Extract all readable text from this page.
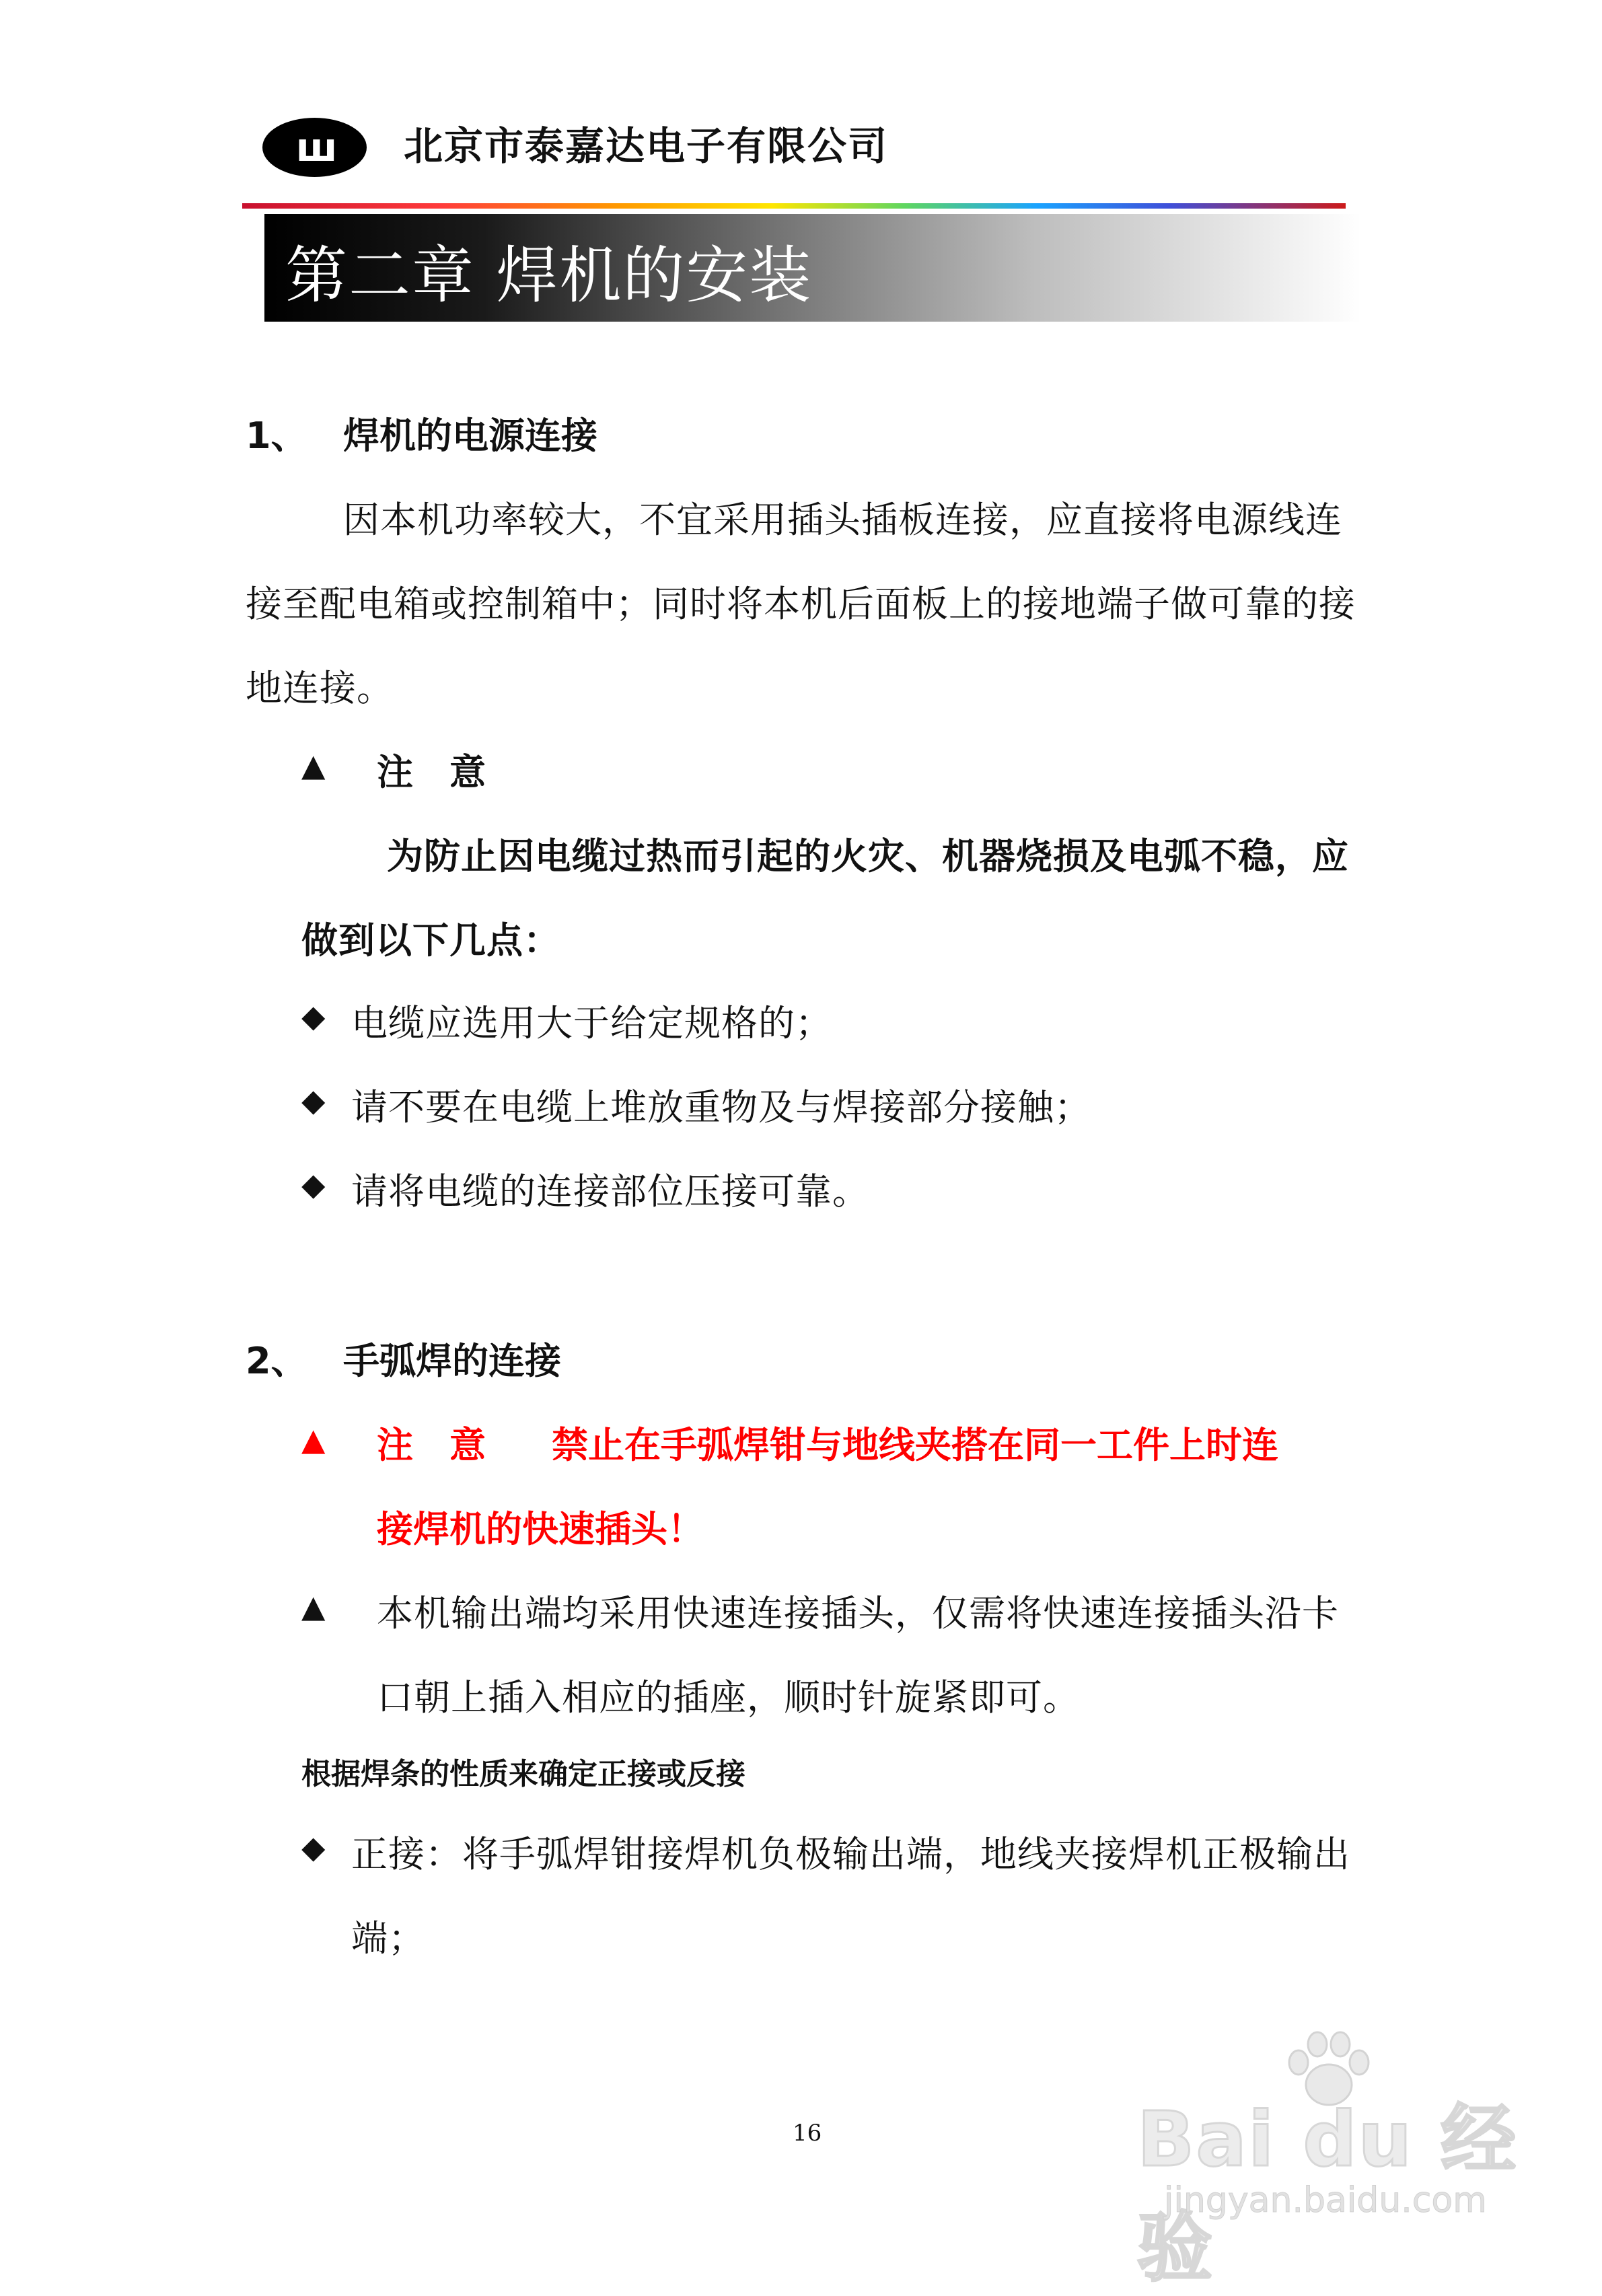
ш	北京市泰嘉达电子有限公司
第二章 焊机的安装
1、 焊机的电源连接
因本机功率较大，不宜采用插头插板连接，应直接将电源线连
接至配电箱或控制箱中；同时将本机后面板上的接地端子做可靠的接
地连接。
▲ 注　意
为防止因电缆过热而引起的火灾、机器烧损及电弧不稳，应
做到以下几点：
◆ 电缆应选用大于给定规格的；
◆ 请不要在电缆上堆放重物及与焊接部分接触；
◆ 请将电缆的连接部位压接可靠。
2、 手弧焊的连接
▲ 注　意 禁止在手弧焊钳与地线夹搭在同一工件上时连
接焊机的快速插头！
▲ 本机输出端均采用快速连接插头，仅需将快速连接插头沿卡
口朝上插入相应的插座，顺时针旋紧即可。
根据焊条的性质来确定正接或反接
◆ 正接：将手弧焊钳接焊机负极输出端，地线夹接焊机正极输出
端；
16	Bai du 经验
jingyan.baidu.com
